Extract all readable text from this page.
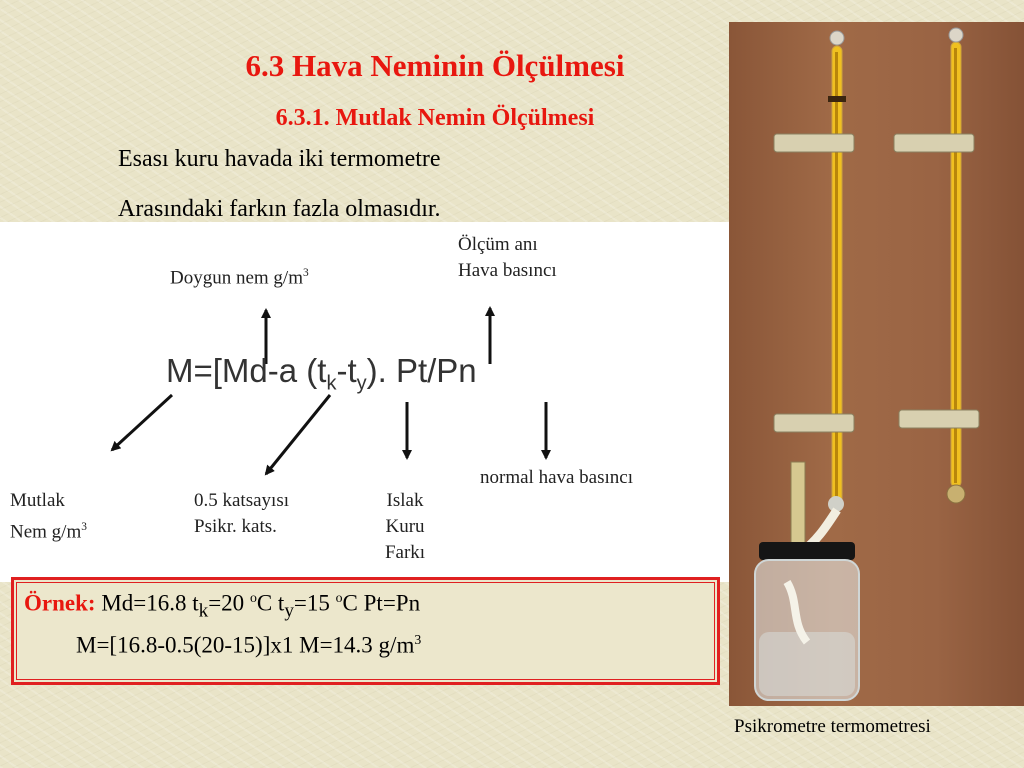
6.3 Hava Neminin Ölçülmesi
6.3.1. Mutlak Nemin Ölçülmesi
Esası kuru havada iki termometre
Arasındaki farkın fazla olmasıdır.
M=[Md-a $(t_k-t_y)$. Pt/Pn
Doygun nem $g/m^3$
Ölçüm anı
Hava basıncı
Mutlak
Nem $g/m^3$
0.5 katsayısı
Psikr. kats.
Islak
Kuru
Farkı
normal hava basıncı
Örnek: Md=16.8 $t_k=20$ $^o$C $t_y=15$ $^o$C Pt=Pn
M=[16.8-0.5(20-15)]x1 M=14.3 $g/m^3$
Psikrometre termometresi
